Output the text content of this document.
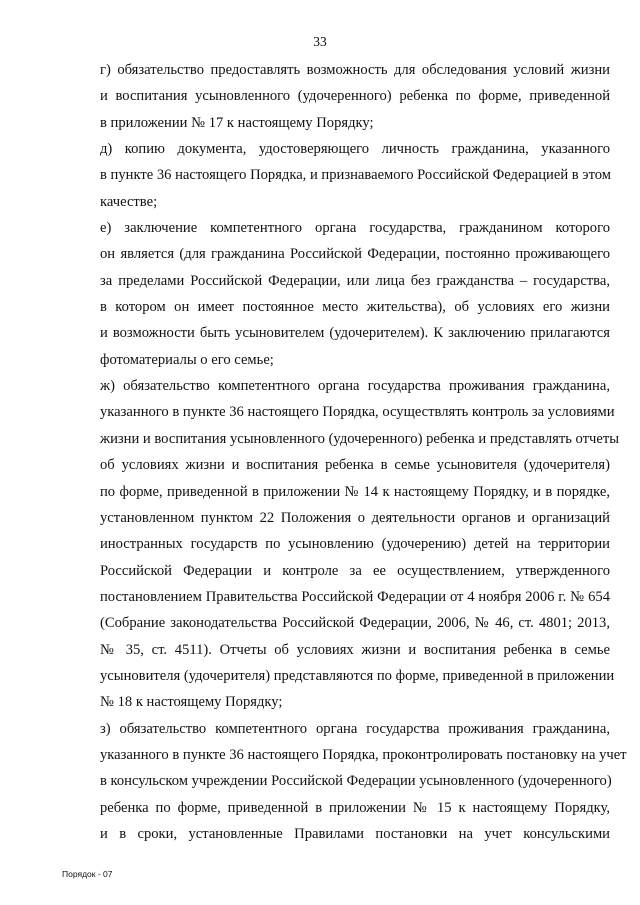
33

г) обязательство предоставлять возможность для обследования условий жизни
и воспитания усыновленного (удочеренного) ребенка по форме, приведенной
в приложении № 17 к настоящему Порядку;

д) копию документа, удостоверяющего личность гражданина, указанного
в пункте 36 настоящего Порядка, и признаваемого Российской Федерацией в этом
качестве;

е) заключение компетентного органа государства, гражданином которого
он является (для гражданина Российской Федерации, постоянно проживающего
за пределами Российской Федерации, или лица без гражданства – государства,
в котором он имеет постоянное место жительства), об условиях его жизни
и возможности быть усыновителем (удочерителем). К заключению прилагаются
фотоматериалы о его семье;

ж) обязательство компетентного органа государства проживания гражданина,
указанного в пункте 36 настоящего Порядка, осуществлять контроль за условиями
жизни и воспитания усыновленного (удочеренного) ребенка и представлять отчеты
об условиях жизни и воспитания ребенка в семье усыновителя (удочерителя)
по форме, приведенной в приложении № 14 к настоящему Порядку, и в порядке,
установленном пунктом 22 Положения о деятельности органов и организаций
иностранных государств по усыновлению (удочерению) детей на территории
Российской Федерации и контроле за ее осуществлением, утвержденного
постановлением Правительства Российской Федерации от 4 ноября 2006 г. № 654
(Собрание законодательства Российской Федерации, 2006, № 46, ст. 4801; 2013,
№ 35, ст. 4511). Отчеты об условиях жизни и воспитания ребенка в семье
усыновителя (удочерителя) представляются по форме, приведенной в приложении
№ 18 к настоящему Порядку;

з) обязательство компетентного органа государства проживания гражданина,
указанного в пункте 36 настоящего Порядка, проконтролировать постановку на учет
в консульском учреждении Российской Федерации усыновленного (удочеренного)
ребенка по форме, приведенной в приложении № 15 к настоящему Порядку,
и в сроки, установленные Правилами постановки на учет консульскими

Порядок - 07
